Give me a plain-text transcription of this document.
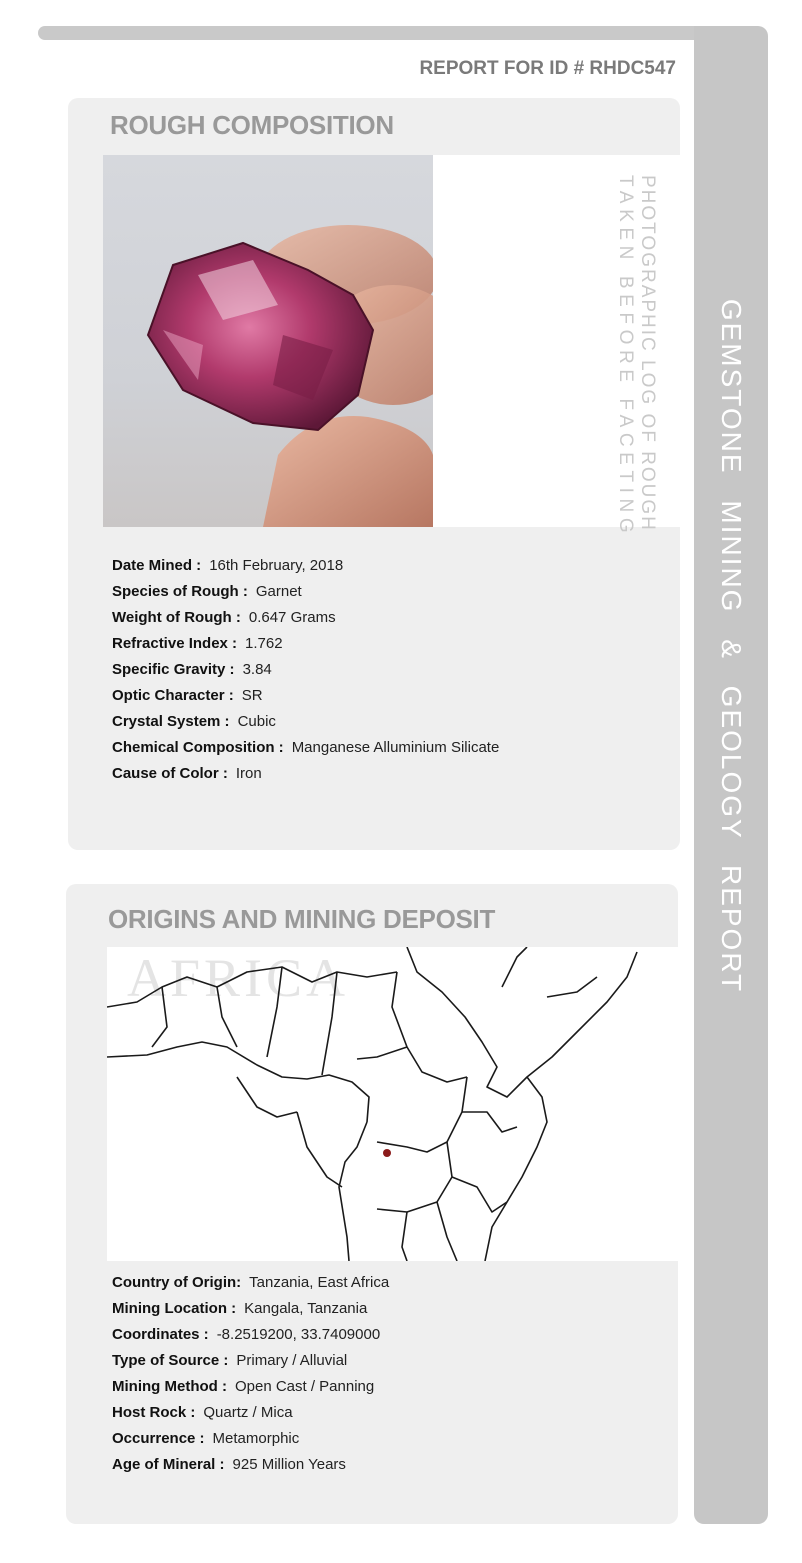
GEMSTONE MINING & GEOLOGY REPORT
REPORT FOR ID # RHDC547
ROUGH COMPOSITION
PHOTOGRAPHIC LOG OF ROUGH
TAKEN BEFORE FACETING
Date Mined : 16th February, 2018
Species of Rough : Garnet
Weight of Rough : 0.647 Grams
Refractive Index : 1.762
Specific Gravity : 3.84
Optic Character : SR
Crystal System : Cubic
Chemical Composition : Manganese Alluminium Silicate
Cause of Color : Iron
ORIGINS AND MINING DEPOSIT
AFRICA
Country of Origin: Tanzania, East Africa
Mining Location : Kangala, Tanzania
Coordinates : -8.2519200, 33.7409000
Type of Source : Primary / Alluvial
Mining Method : Open Cast / Panning
Host Rock : Quartz / Mica
Occurrence : Metamorphic
Age of Mineral : 925 Million Years
